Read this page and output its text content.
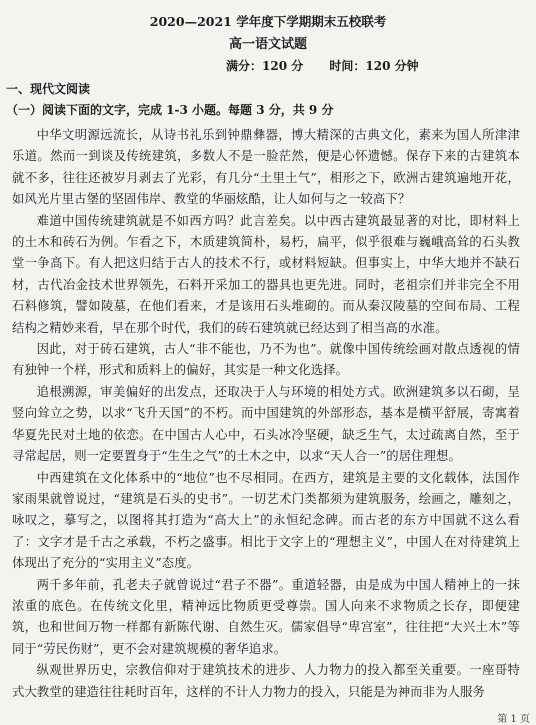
2020—2021 学年度下学期期末五校联考
高一语文试题
满分：120 分 时间：120 分钟
一、现代文阅读
（一）阅读下面的文字，完成 1-3 小题。每题 3 分，共 9 分

中华文明源远流长，从诗书礼乐到钟鼎彝器，博大精深的古典文化，素来为国人所津津乐道。然而一到谈及传统建筑，多数人不是一脸茫然，便是心怀遗憾。保存下来的古建筑本就不多，往往还被岁月剥去了光彩，有几分“土里土气”，相形之下，欧洲古建筑遍地开花，如风光片里古堡的坚固伟岸、教堂的华丽炫酷，让人如何与之一较高下？

难道中国传统建筑就是不如西方吗？此言差矣。以中西古建筑最显著的对比，即材料上的土木和砖石为例。乍看之下，木质建筑简朴，易朽，扁平，似乎很难与巍峨高耸的石头教堂一争高下。有人把这归结于古人的技术不行，或材料短缺。但事实上，中华大地并不缺石材，古代冶金技术世界领先，石料开采加工的器具也更先进。同时，老祖宗们并非完全不用石料修筑，譬如陵墓，在他们看来，才是该用石头堆砌的。而从秦汉陵墓的空间布局、工程结构之精妙来看，早在那个时代，我们的砖石建筑就已经达到了相当高的水准。

因此，对于砖石建筑，古人“非不能也，乃不为也”。就像中国传统绘画对散点透视的情有独钟一个样，形式和质料上的偏好，其实是一种文化选择。

追根溯源，审美偏好的出发点，还取决于人与环境的相处方式。欧洲建筑多以石砌，呈竖向耸立之势，以求“飞升天国”的不朽。而中国建筑的外部形态，基本是横平舒展，寄寓着华夏先民对土地的依恋。在中国古人心中，石头冰冷坚硬，缺乏生气，太过疏离自然，至于寻常起居，则一定要置身于“生生之气”的土木之中，以求“天人合一”的居住理想。

中西建筑在文化体系中的“地位”也不尽相同。在西方，建筑是主要的文化载体，法国作家雨果就曾说过，“建筑是石头的史书”。一切艺术门类都须为建筑服务，绘画之，雕刻之，咏叹之，摹写之，以图将其打造为“高大上”的永恒纪念碑。而古老的东方中国就不这么看了：文字才是千古之承载，不朽之盛事。相比于文字上的“理想主义”，中国人在对待建筑上体现出了充分的“实用主义”态度。

两千多年前，孔老夫子就曾说过“君子不器”。重道轻器，由是成为中国人精神上的一抹浓重的底色。在传统文化里，精神远比物质更受尊崇。国人向来不求物质之长存，即便建筑，也和世间万物一样都有新陈代谢、自然生灭。儒家倡导“卑宫室”，往往把“大兴土木”等同于“劳民伤财”，更不会对建筑规模的奢华追求。

纵观世界历史，宗教信仰对于建筑技术的进步、人力物力的投入都至关重要。一座哥特式大教堂的建造往往耗时百年，这样的不计人力物力的投入，只能是为神而非为人服务

第 1 页
